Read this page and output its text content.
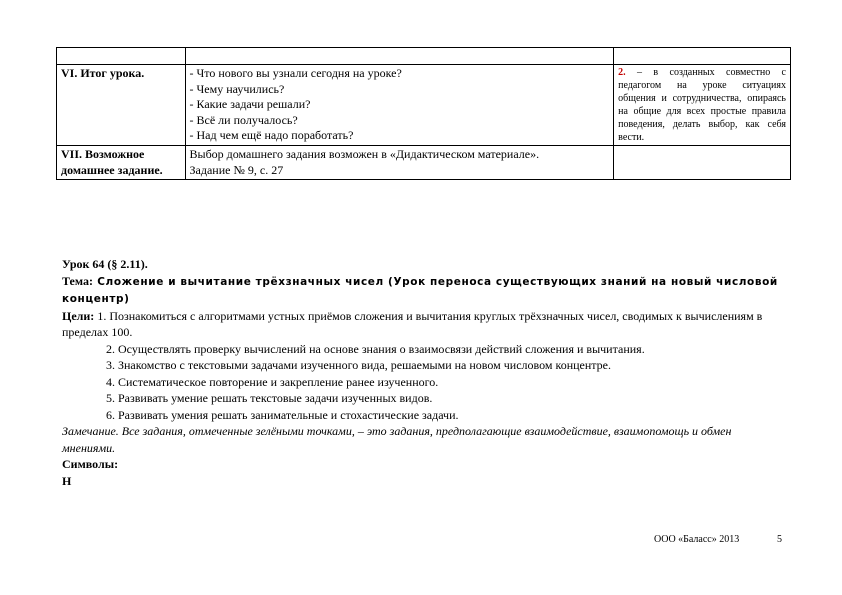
VI. Итог урока.	- Что нового вы узнали сегодня на уроке?
- Чему научились?
- Какие задачи решали?
- Всё ли получалось?
- Над чем ещё надо поработать?	2. – в созданных совместно с педагогом на уроке ситуациях общения и сотрудничества, опираясь на общие для всех простые правила поведения, делать выбор, как себя вести.
VII. Возможное домашнее задание.	Выбор домашнего задания возможен в «Дидактическом материале».
Задание № 9, с. 27	

Урок 64 (§ 2.11).
Тема: Сложение и вычитание трёхзначных чисел (Урок переноса существующих знаний на новый числовой концентр)
Цели: 1. Познакомиться с алгоритмами устных приёмов сложения и вычитания круглых трёхзначных чисел, сводимых к вычислениям в пределах 100.
2. Осуществлять проверку вычислений на основе знания о взаимосвязи действий сложения и вычитания.
3. Знакомство с текстовыми задачами изученного вида, решаемыми на новом числовом концентре.
4. Систематическое повторение и закрепление ранее изученного.
5. Развивать умение решать текстовые задачи изученных видов.
6. Развивать умения решать занимательные и стохастические задачи.
Замечание. Все задания, отмеченные зелёными точками, – это задания, предполагающие взаимодействие, взаимопомощь и обмен мнениями.
Символы:
Н
ООО «Баласс» 2013	5
